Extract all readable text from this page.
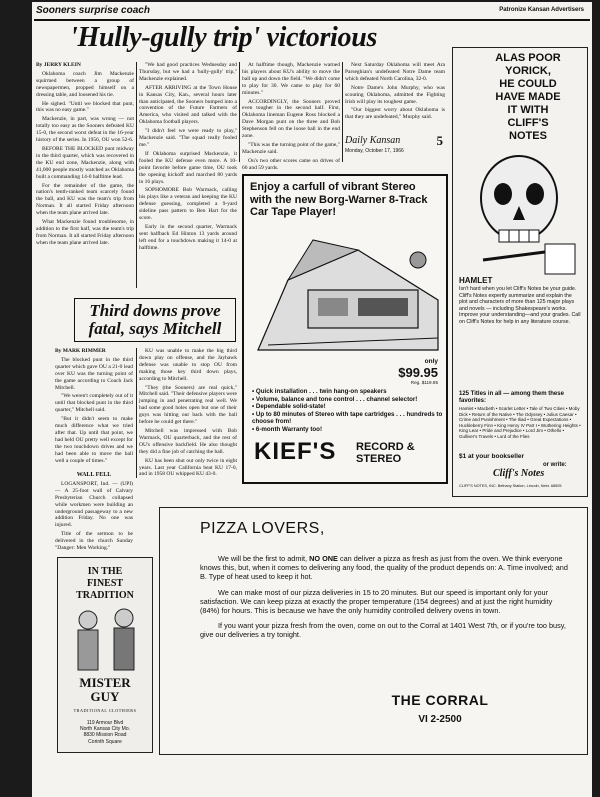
Sooners surprise coach	Patronize Kansan Advertisers
'Hully-gully trip' victorious

By JERRY KLEIN

Oklahoma coach Jim Mackenzie squirmed between a group of newspapermen, propped himself on a dressing table, and loosened his tie.

He sighed. "Until we blocked that punt, this was no easy game."

Mackenzie, in part, was wrong — not totally too easy as the Sooners defeated KU 15-0, the second worst defeat in the 16-year history of the series. In 1956, OU won 52-6.

BEFORE THE BLOCKED punt midway in the third quarter, which was recovered in the KU end zone, Mackenzie, along with 41,000 people mostly watched as Oklahoma built a commanding 14-0 halftime lead.

For the remainder of the game, the nation's tenth-ranked team scarcely found the ball, and KU was the team's trip from Norman. It all started Friday afternoon when the team plane arrived late.

What Mackenzie found troublesome, in addition to the first half, was the team's trip from Norman. It all started Friday afternoon when the team plane arrived late.

"We had good practices Wednesday and Thursday, but we had a 'hully-gully' trip," Mackenzie explained.

AFTER ARRIVING at the Town House in Kansas City, Kan., several hours later than anticipated, the Sooners bumped into a convention of the Future Farmers of America, who visited and talked with the Oklahoma football players.

"I didn't feel we were ready to play," Mackenzie said. "The squad really fooled me."

If Oklahoma surprised Mackenzie, it fooled the KU defense even more. A 10-point favorite before game time, OU took the opening kickoff and marched 80 yards in 16 plays.

SOPHOMORE Bob Warmack, calling his plays like a veteran and keeping the KU defense guessing, completed a 9-yard sideline pass pattern to Ben Hart for the score.

Early in the second quarter, Warmack sent halfback Ed Hinton 13 yards around left end for a touchdown making it 14-0 at halftime.

At halftime though, Mackenzie warned his players about KU's ability to move the ball up and down the field. "We didn't come to play for 30. We came to play for 60 minutes."

ACCORDINGLY, the Sooners proved even tougher in the second half. First, Oklahoma lineman Eugene Ross blocked a Dave Morgan punt on the three and Bob Stephenson fell on the loose ball in the end zone.

"This was the turning point of the game," Mackenzie said.

Ou's two other scores came on drives of 66 and 59 yards.

Next Saturday Oklahoma will meet Ara Parseghian's undefeated Notre Dame team which defeated North Carolina, 32-0.

Notre Dame's John Murphy, who was scouting Oklahoma, admitted the Fighting Irish will play its toughest game.

"Our biggest worry about Oklahoma is that they are undefeated," Murphy said.

Daily Kansan	5
Monday, October 17, 1966
Enjoy a carfull of vibrant Stereo with the new Borg-Warner 8-Track Car Tape Player!
only
$99.95
Reg. $119.95
• Quick installation . . . twin hang-on speakers
• Volume, balance and tone control . . . channel selector!
• Dependable solid-state!
• Up to 80 minutes of Stereo with tape cartridges . . . hundreds to choose from!
• 6-month Warranty too!
KIEF'S RECORD &
STEREO
ALAS POOR
YORICK,
HE COULD
HAVE MADE
IT WITH
CLIFF'S
NOTES
HAMLET
Isn't hard when you let Cliff's Notes be your guide. Cliff's Notes expertly summarize and explain the plot and characters of more than 125 major plays and novels — including Shakespeare's works. Improve your understanding—and your grades. Call on Cliff's Notes for help in any literature course.
125 Titles in all — among them these favorites:
Hamlet • Macbeth • Scarlet Letter • Tale of Two Cities • Moby Dick • Return of the Native • The Odyssey • Julius Caesar • Crime and Punishment • The Iliad • Great Expectations • Huckleberry Finn • King Henry IV Part I • Wuthering Heights • King Lear • Pride and Prejudice • Lord Jim • Othello • Gulliver's Travels • Lord of the Flies
$1 at your bookseller
or write:
Cliff's Notes
CLIFF'S NOTES, INC. Bethany Station, Lincoln, Nebr. 68505
Third downs prove
fatal, says Mitchell

By MARK RIMMER

The blocked punt in the third quarter which gave OU a 21-0 lead over KU was the turning point of the game according to Coach Jack Mitchell.

"We weren't completely out of it until that blocked punt in the third quarter," Mitchell said.

"But it didn't seem to make much difference what we tried after that. Up until that point, we had held OU pretty well except for the two touchdown drives and we had been able to move the ball well a couple of times."

KU was unable to make the big third down play on offense, and the Jayhawk defense was unable to stop OU from making those key third down plays, according to Mitchell.

"They (the Sooners) are real quick," Mitchell said. "Their defensive players were jumping in and penetrating real well. We had some good holes open but one of their guys was hitting our back with the ball before he could get there."

Mitchell was impressed with Bob Warmack, OU quarterback, and the rest of OU's offensive backfield. He also thought they did a fine job of catching the ball.

KU has been shut out only twice in eight years. Last year California beat KU 17-0, and in 1958 OU whipped KU 43-0.

WALL FELL

LOGANSPORT, Ind. — (UPI) — A 25-foot wall of Calvary Presbyterian Church collapsed while workmen were building an underground passageway to a new addition Friday. No one was injured.

Title of the sermon to be delivered in the church Sunday "Danger: Men Working."

IN THE
FINEST
TRADITION
MISTER
GUY
TRADITIONAL CLOTHIERS
119 Armour Blvd
North Kansas City Mo.
8830 Mission Road
Corinth Square
PIZZA LOVERS,

We will be the first to admit, NO ONE can deliver a pizza as fresh as just from the oven. We think everyone knows this, but, when it comes to delivering any food, the quality of the product depends on: A. Time involved; and B. Type of heat used to keep it hot.

We can make most of our pizza deliveries in 15 to 20 minutes. But our speed is important only for your satisfaction. We can keep pizza at exactly the proper temperature (154 degrees) and at just the right humidity (84%) for hours. This is because we have the only humidity controlled delivery ovens in town.

If you want your pizza fresh from the oven, come on out to the Corral at 1401 West 7th, or if you're too busy, give our deliveries a try tonight.

THE CORRAL
VI 2-2500
